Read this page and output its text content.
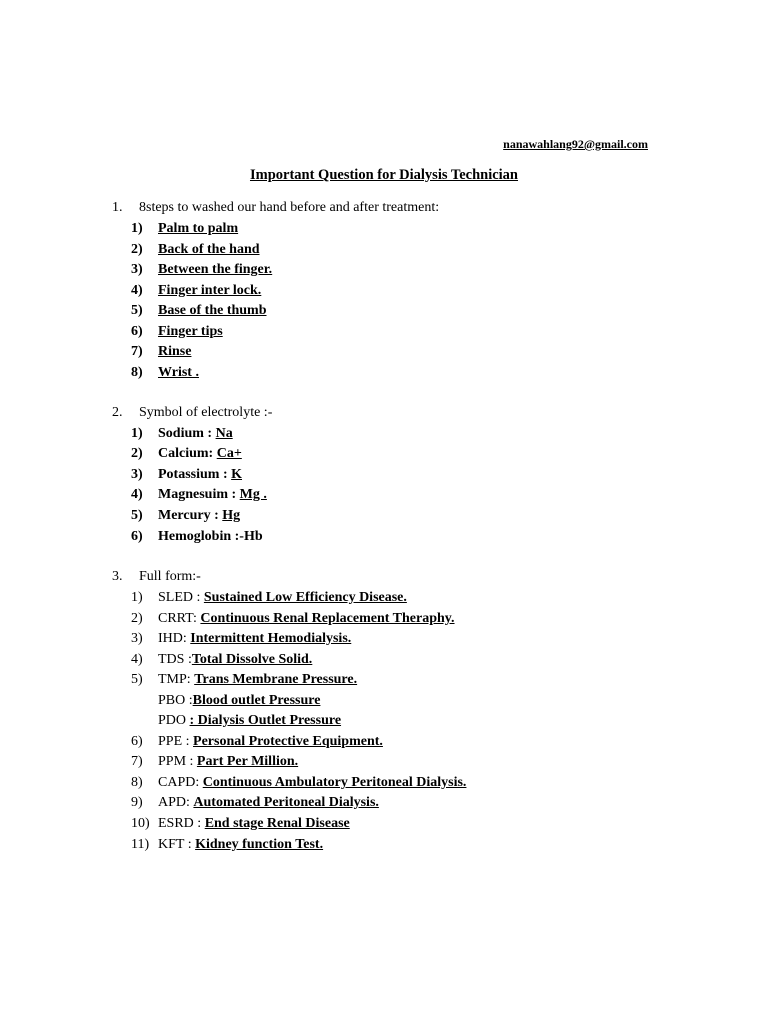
nanawahlang92@gmail.com
Important Question for Dialysis Technician
1. 8steps to washed our hand before and after treatment:
1) Palm to palm
2) Back of the hand
3) Between the finger.
4) Finger inter lock.
5) Base of the thumb
6) Finger tips
7) Rinse
8) Wrist .
2. Symbol of electrolyte :-
1) Sodium : Na
2) Calcium: Ca+
3) Potassium : K
4) Magnesuim : Mg .
5) Mercury : Hg
6) Hemoglobin :-Hb
3. Full form:-
1) SLED : Sustained Low Efficiency Disease.
2) CRRT: Continuous Renal Replacement Theraphy.
3) IHD: Intermittent Hemodialysis.
4) TDS :Total Dissolve Solid.
5) TMP: Trans Membrane Pressure.
PBO :Blood outlet Pressure
PDO : Dialysis Outlet Pressure
6) PPE : Personal Protective Equipment.
7) PPM : Part Per Million.
8) CAPD: Continuous Ambulatory Peritoneal Dialysis.
9) APD: Automated Peritoneal Dialysis.
10) ESRD : End stage Renal Disease
11) KFT : Kidney function Test.
